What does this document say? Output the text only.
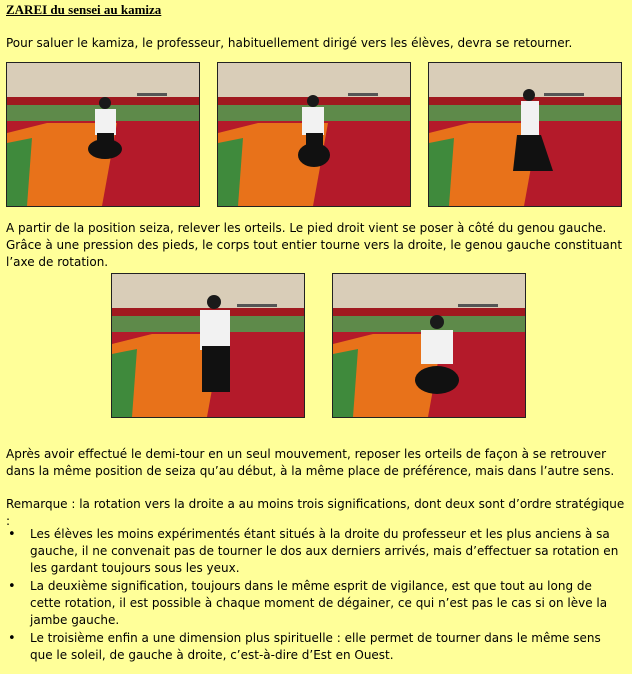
ZAREI du sensei au kamiza

Pour saluer le kamiza, le professeur, habituellement dirigé vers les élèves, devra se retourner.

A partir de la position seiza, relever les orteils. Le pied droit vient se poser à côté du genou gauche. Grâce à une pression des pieds, le corps tout entier tourne vers la droite, le genou gauche constituant l’axe de rotation.

Après avoir effectué le demi-tour en un seul mouvement, reposer les orteils de façon à se retrouver dans la même position de seiza qu’au début, à la même place de préférence, mais dans l’autre sens.

Remarque : la rotation vers la droite a au moins trois significations, dont deux sont d’ordre stratégique :

• Les élèves les moins expérimentés étant situés à la droite du professeur et les plus anciens à sa gauche, il ne convenait pas de tourner le dos aux derniers arrivés, mais d’effectuer sa rotation en les gardant toujours sous les yeux.
• La deuxième signification, toujours dans le même esprit de vigilance, est que tout au long de cette rotation, il est possible à chaque moment de dégainer, ce qui n’est pas le cas si on lève la jambe gauche.
• Le troisième enfin a une dimension plus spirituelle : elle permet de tourner dans le même sens que le soleil, de gauche à droite, c’est-à-dire d’Est en Ouest.
